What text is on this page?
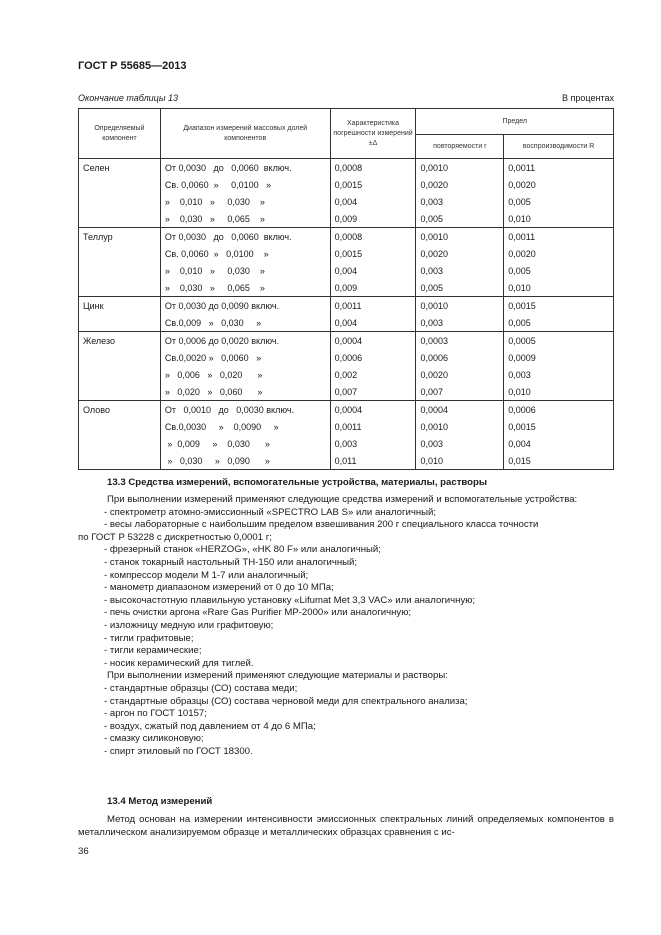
ГОСТ Р 55685—2013
Окончание таблицы 13	В процентах
Определяемый компонент	Диапазон измерений массовых долей компонентов	Характеристика погрешности измерений ±Δ	Предел	
			повторяемости r	воспроизводимости R
Селен	От 0,0030   до   0,0060  включ.	0,0008	0,0010	0,0011
	Св. 0,0060  »     0,0100   »	0,0015	0,0020	0,0020
	»    0,010   »     0,030    »	0,004	0,003	0,005
	»    0,030   »     0,065    »	0,009	0,005	0,010
Теллур	От 0,0030   до   0,0060  включ.	0,0008	0,0010	0,0011
	Св. 0,0060  »   0,0100    »	0,0015	0,0020	0,0020
	»    0,010   »     0,030    »	0,004	0,003	0,005
	»    0,030   »     0,065    »	0,009	0,005	0,010
Цинк	От 0,0030 до 0,0090 включ.	0,0011	0,0010	0,0015
	Св.0,009   »   0,030     »	0,004	0,003	0,005
Железо	От 0,0006 до 0,0020 включ.	0,0004	0,0003	0,0005
	Св.0,0020 »   0,0060   »	0,0006	0,0006	0,0009
	»   0,006   »   0,020      »	0,002	0,0020	0,003
	»   0,020   »   0,060      »	0,007	0,007	0,010
Олово	От   0,0010   до   0,0030 включ.	0,0004	0,0004	0,0006
	Св.0,0030     »    0,0090     »	0,0011	0,0010	0,0015
	»  0,009     »    0,030      »	0,003	0,003	0,004
	»   0,030     »   0,090      »	0,011	0,010	0,015
13.3 Средства измерений, вспомогательные устройства, материалы, растворы

При выполнении измерений применяют следующие средства измерений и вспомогательные устройства:

- спектрометр атомно-эмиссионный «SPECTRO LAB S» или аналогичный;

- весы лабораторные с наибольшим пределом взвешивания 200 г специального класса точности

по ГОСТ Р 53228 с дискретностью 0,0001 г;

- фрезерный станок «HERZOG», «HK 80 F» или аналогичный;

- станок токарный настольный ТН-150 или аналогичный;

- компрессор модели М 1-7 или аналогичный;

- манометр диапазоном измерений от 0 до 10 МПа;

- высокочастотную плавильную установку «Lifumat Met 3,3 VAC» или аналогичную;

- печь очистки аргона «Rare Gas Purifier MP-2000» или аналогичную;

- изложницу медную или графитовую;

- тигли графитовые;

- тигли керамические;

- носик керамический для тиглей.

При выполнении измерений применяют следующие материалы и растворы:

- стандартные образцы (СО) состава меди;

- стандартные образцы (СО) состава черновой меди для спектрального анализа;

- аргон по ГОСТ 10157;

- воздух, сжатый под давлением от 4 до 6 МПа;

- смазку силиконовую;

- спирт этиловый по ГОСТ 18300.

13.4 Метод измерений

Метод основан на измерении интенсивности эмиссионных спектральных линий определяемых компонентов в металлическом анализируемом образце и металлических образцах сравнения с ис-

36
